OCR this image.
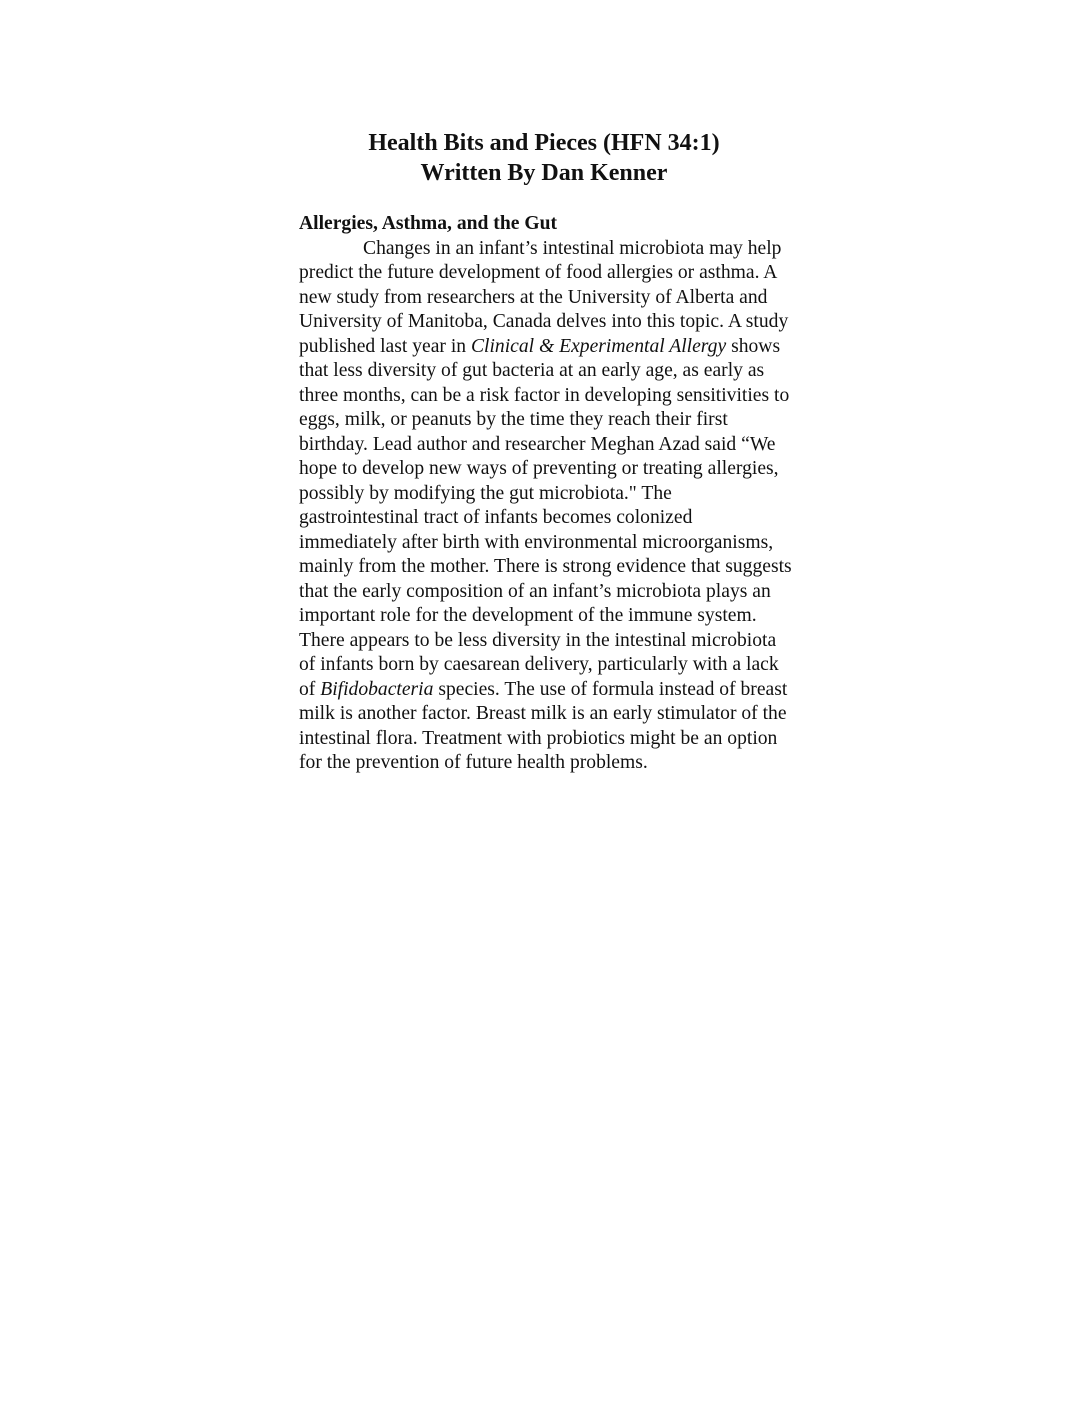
Health Bits and Pieces (HFN 34:1)
Written By Dan Kenner
Allergies, Asthma, and the Gut

Changes in an infant’s intestinal microbiota may help predict the future development of food allergies or asthma. A new study from researchers at the University of Alberta and University of Manitoba, Canada delves into this topic. A study published last year in Clinical & Experimental Allergy shows that less diversity of gut bacteria at an early age, as early as three months, can be a risk factor in developing sensitivities to eggs, milk, or peanuts by the time they reach their first birthday. Lead author and researcher Meghan Azad said “We hope to develop new ways of preventing or treating allergies, possibly by modifying the gut microbiota." The gastrointestinal tract of infants becomes colonized immediately after birth with environmental microorganisms, mainly from the mother. There is strong evidence that suggests that the early composition of an infant’s microbiota plays an important role for the development of the immune system. There appears to be less diversity in the intestinal microbiota of infants born by caesarean delivery, particularly with a lack of Bifidobacteria species. The use of formula instead of breast milk is another factor. Breast milk is an early stimulator of the intestinal flora. Treatment with probiotics might be an option for the prevention of future health problems.
